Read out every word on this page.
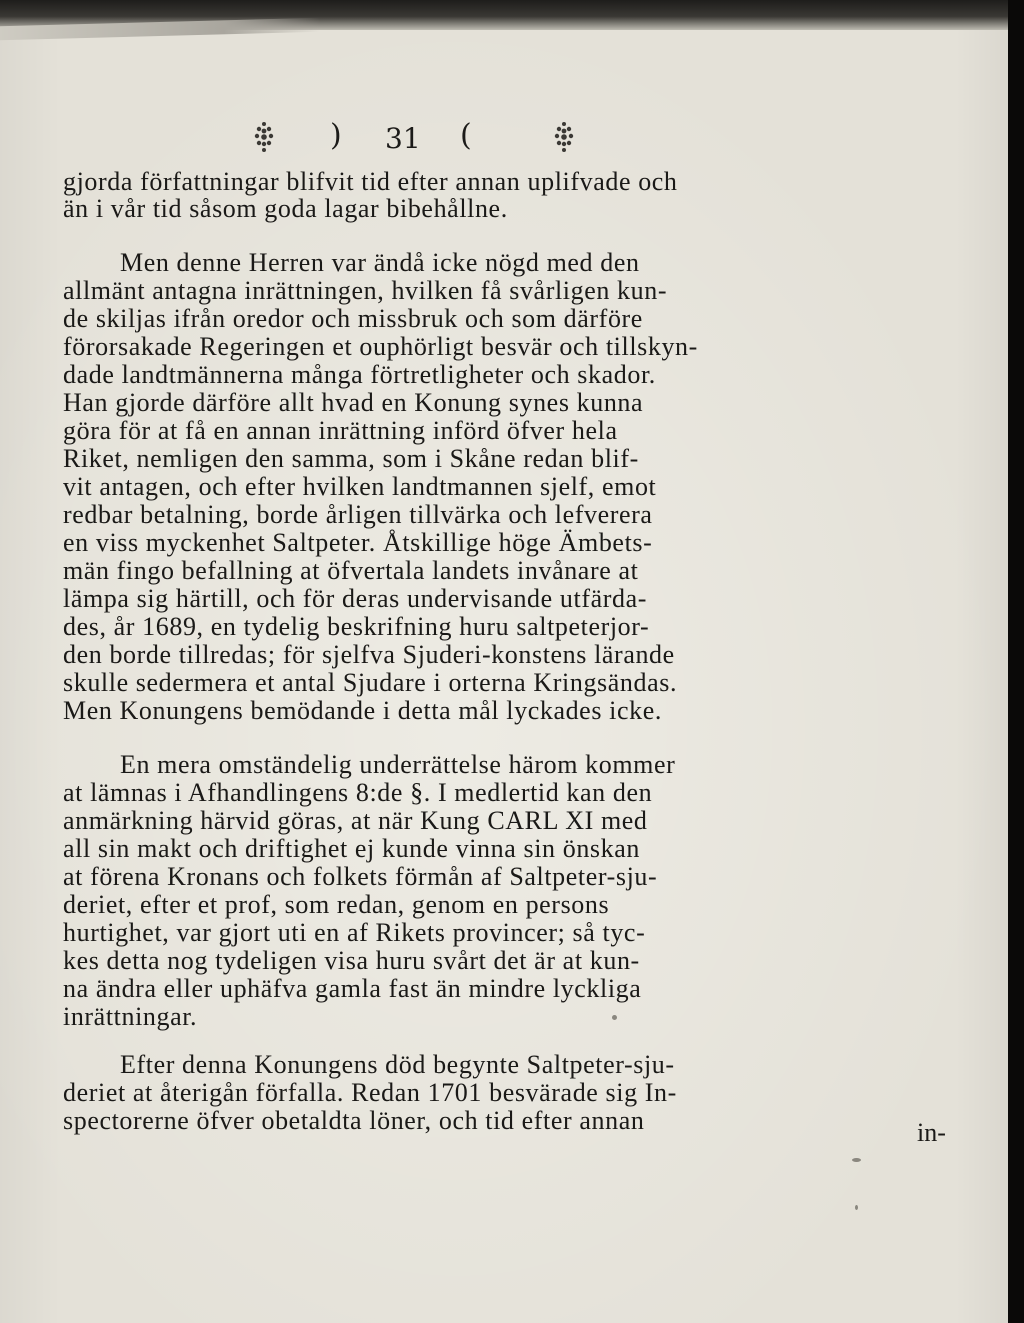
) 31 (
gjorda författningar blifvit tid efter annan uplifvade och
än i vår tid såsom goda lagar bibehållne.
Men denne Herren var ändå icke nögd med den
allmänt antagna inrättningen, hvilken få svårligen kun-
de skiljas ifrån oredor och missbruk och som därföre
förorsakade Regeringen et ouphörligt besvär och tillskyn-
dade landtmännerna många förtretligheter och skador.
Han gjorde därföre allt hvad en Konung synes kunna
göra för at få en annan inrättning införd öfver hela
Riket, nemligen den samma, som i Skåne redan blif-
vit antagen, och efter hvilken landtmannen sjelf, emot
redbar betalning, borde årligen tillvärka och lefverera
en viss myckenhet Saltpeter. Åtskillige höge Ämbets-
män fingo befallning at öfvertala landets invånare at
lämpa sig härtill, och för deras undervisande utfärda-
des, år 1689, en tydelig beskrifning huru saltpeterjor-
den borde tillredas; för sjelfva Sjuderi-konstens lärande
skulle sedermera et antal Sjudare i orterna Kringsändas.
Men Konungens bemödande i detta mål lyckades icke.
En mera omständelig underrättelse härom kommer
at lämnas i Afhandlingens 8:de §. I medlertid kan den
anmärkning härvid göras, at när Kung CARL XI med
all sin makt och driftighet ej kunde vinna sin önskan
at förena Kronans och folkets förmån af Saltpeter-sju-
deriet, efter et prof, som redan, genom en persons
hurtighet, var gjort uti en af Rikets provincer; så tyc-
kes detta nog tydeligen visa huru svårt det är at kun-
na ändra eller uphäfva gamla fast än mindre lyckliga
inrättningar.
Efter denna Konungens död begynte Saltpeter-sju-
deriet at återigån förfalla. Redan 1701 besvärade sig In-
spectorerne öfver obetaldta löner, och tid efter annan	in-
